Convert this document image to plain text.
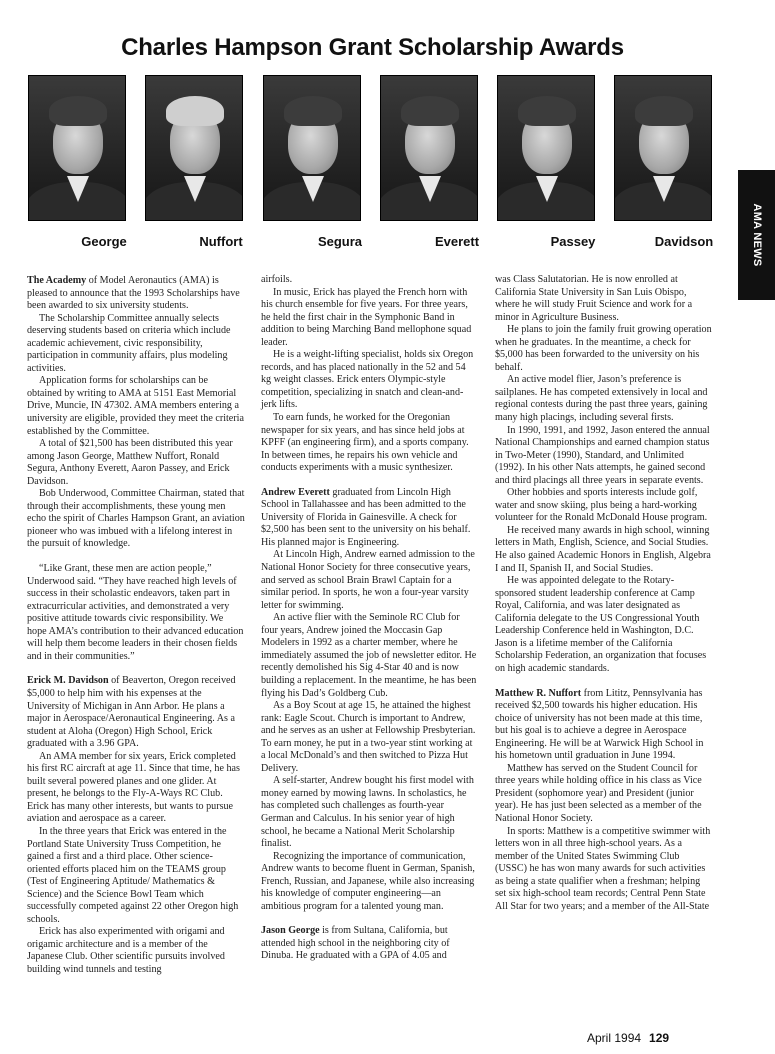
Charles Hampson Grant Scholarship Awards
George	Nuffort	Segura	Everett	Passey	Davidson	AMA NEWS

The Academy of Model Aeronautics (AMA) is pleased to announce that the 1993 Scholarships have been awarded to six university students.

The Scholarship Committee annually selects deserving students based on criteria which include academic achievement, civic responsibility, participation in community affairs, plus modeling activities.

Application forms for scholarships can be obtained by writing to AMA at 5151 East Memorial Drive, Muncie, IN 47302. AMA members entering a university are eligible, provided they meet the criteria established by the Committee.

A total of $21,500 has been distributed this year among Jason George, Matthew Nuffort, Ronald Segura, Anthony Everett, Aaron Passey, and Erick Davidson.

Bob Underwood, Committee Chairman, stated that through their accomplishments, these young men echo the spirit of Charles Hampson Grant, an aviation pioneer who was imbued with a lifelong interest in the pursuit of knowledge.

“Like Grant, these men are action people,” Underwood said. “They have reached high levels of success in their scholastic endeavors, taken part in extracurricular activities, and demonstrated a very positive attitude towards civic responsibility. We hope AMA’s contribution to their advanced education will help them become leaders in their chosen fields and in their communities.”

Erick M. Davidson of Beaverton, Oregon received $5,000 to help him with his expenses at the University of Michigan in Ann Arbor. He plans a major in Aerospace/Aeronautical Engineering. As a student at Aloha (Oregon) High School, Erick graduated with a 3.96 GPA.

An AMA member for six years, Erick completed his first RC aircraft at age 11. Since that time, he has built several powered planes and one glider. At present, he belongs to the Fly-A-Ways RC Club. Erick has many other interests, but wants to pursue aviation and aerospace as a career.

In the three years that Erick was entered in the Portland State University Truss Competition, he gained a first and a third place. Other science-oriented efforts placed him on the TEAMS group (Test of Engineering Aptitude/ Mathematics & Science) and the Science Bowl Team which successfully competed against 22 other Oregon high schools.

Erick has also experimented with origami and origamic architecture and is a member of the Japanese Club. Other scientific pursuits involved building wind tunnels and testing

airfoils.

In music, Erick has played the French horn with his church ensemble for five years. For three years, he held the first chair in the Symphonic Band in addition to being Marching Band mellophone squad leader.

He is a weight-lifting specialist, holds six Oregon records, and has placed nationally in the 52 and 54 kg weight classes. Erick enters Olympic-style competition, specializing in snatch and clean-and-jerk lifts.

To earn funds, he worked for the Oregonian newspaper for six years, and has since held jobs at KPFF (an engineering firm), and a sports company. In between times, he repairs his own vehicle and conducts experiments with a music synthesizer.

Andrew Everett graduated from Lincoln High School in Tallahassee and has been admitted to the University of Florida in Gainesville. A check for $2,500 has been sent to the university on his behalf. His planned major is Engineering.

At Lincoln High, Andrew earned admission to the National Honor Society for three consecutive years, and served as school Brain Brawl Captain for a similar period. In sports, he won a four-year varsity letter for swimming.

An active flier with the Seminole RC Club for four years, Andrew joined the Moccasin Gap Modelers in 1992 as a charter member, where he immediately assumed the job of newsletter editor. He recently demolished his Sig 4-Star 40 and is now building a replacement. In the meantime, he has been flying his Dad’s Goldberg Cub.

As a Boy Scout at age 15, he attained the highest rank: Eagle Scout. Church is important to Andrew, and he serves as an usher at Fellowship Presbyterian. To earn money, he put in a two-year stint working at a local McDonald’s and then switched to Pizza Hut Delivery.

A self-starter, Andrew bought his first model with money earned by mowing lawns. In scholastics, he has completed such challenges as fourth-year German and Calculus. In his senior year of high school, he became a National Merit Scholarship finalist.

Recognizing the importance of communication, Andrew wants to become fluent in German, Spanish, French, Russian, and Japanese, while also increasing his knowledge of computer engineering—an ambitious program for a talented young man.

Jason George is from Sultana, California, but attended high school in the neighboring city of Dinuba. He graduated with a GPA of 4.05 and

was Class Salutatorian. He is now enrolled at California State University in San Luis Obispo, where he will study Fruit Science and work for a minor in Agriculture Business.

He plans to join the family fruit growing operation when he graduates. In the meantime, a check for $5,000 has been forwarded to the university on his behalf.

An active model flier, Jason’s preference is sailplanes. He has competed extensively in local and regional contests during the past three years, gaining many high placings, including several firsts.

In 1990, 1991, and 1992, Jason entered the annual National Championships and earned champion status in Two-Meter (1990), Standard, and Unlimited (1992). In his other Nats attempts, he gained second and third placings all three years in separate events.

Other hobbies and sports interests include golf, water and snow skiing, plus being a hard-working volunteer for the Ronald McDonald House program.

He received many awards in high school, winning letters in Math, English, Science, and Social Studies. He also gained Academic Honors in English, Algebra I and II, Spanish II, and Social Studies.

He was appointed delegate to the Rotary-sponsored student leadership conference at Camp Royal, California, and was later designated as California delegate to the US Congressional Youth Leadership Conference held in Washington, D.C. Jason is a lifetime member of the California Scholarship Federation, an organization that focuses on high academic standards.

Matthew R. Nuffort from Lititz, Pennsylvania has received $2,500 towards his higher education. His choice of university has not been made at this time, but his goal is to achieve a degree in Aerospace Engineering. He will be at Warwick High School in his hometown until graduation in June 1994.

Matthew has served on the Student Council for three years while holding office in his class as Vice President (sophomore year) and President (junior year). He has just been selected as a member of the National Honor Society.

In sports: Matthew is a competitive swimmer with letters won in all three high-school years. As a member of the United States Swimming Club (USSC) he has won many awards for such activities as being a state qualifier when a freshman; helping set six high-school team records; Central Penn State All Star for two years; and a member of the All-State

April 1994 129
